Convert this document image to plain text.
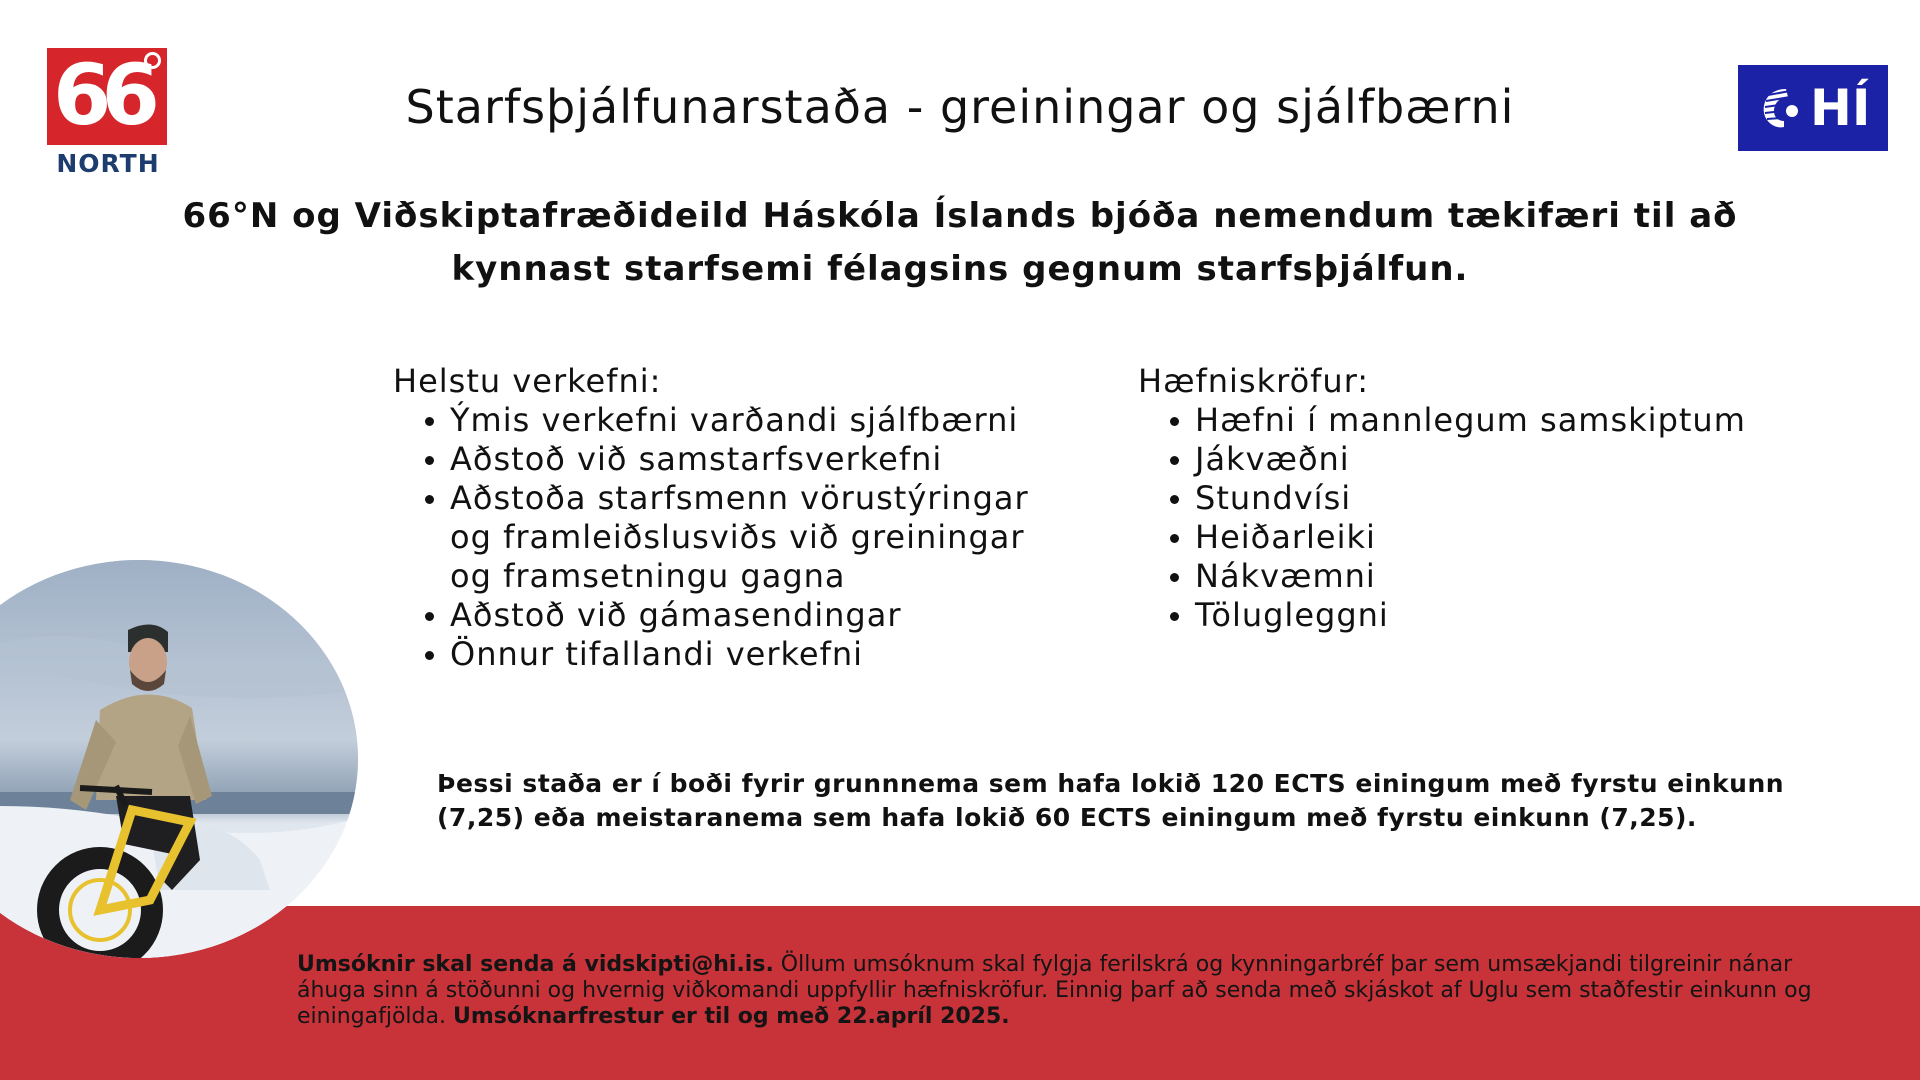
66
NORTH
HÍ
Starfsþjálfunarstaða - greiningar og sjálfbærni

66°N og Viðskiptafræðideild Háskóla Íslands bjóða nemendum tækifæri til að kynnast starfsemi félagsins gegnum starfsþjálfun.

Helstu verkefni:

• Ýmis verkefni varðandi sjálfbærni
• Aðstoð við samstarfsverkefni
• Aðstoða starfsmenn vörustýringar og framleiðslusviðs við greiningar og framsetningu gagna
• Aðstoð við gámasendingar
• Önnur tifallandi verkefni

Hæfniskröfur:

• Hæfni í mannlegum samskiptum
• Jákvæðni
• Stundvísi
• Heiðarleiki
• Nákvæmni
• Tölugleggni

Þessi staða er í boði fyrir grunnnema sem hafa lokið 120 ECTS einingum með fyrstu einkunn (7,25) eða meistaranema sem hafa lokið 60 ECTS einingum með fyrstu einkunn (7,25).

Umsóknir skal senda á vidskipti@hi.is. Öllum umsóknum skal fylgja ferilskrá og kynningarbréf þar sem umsækjandi tilgreinir nánar áhuga sinn á stöðunni og hvernig viðkomandi uppfyllir hæfniskröfur. Einnig þarf að senda með skjáskot af Uglu sem staðfestir einkunn og einingafjölda. Umsóknarfrestur er til og með 22.apríl 2025.
